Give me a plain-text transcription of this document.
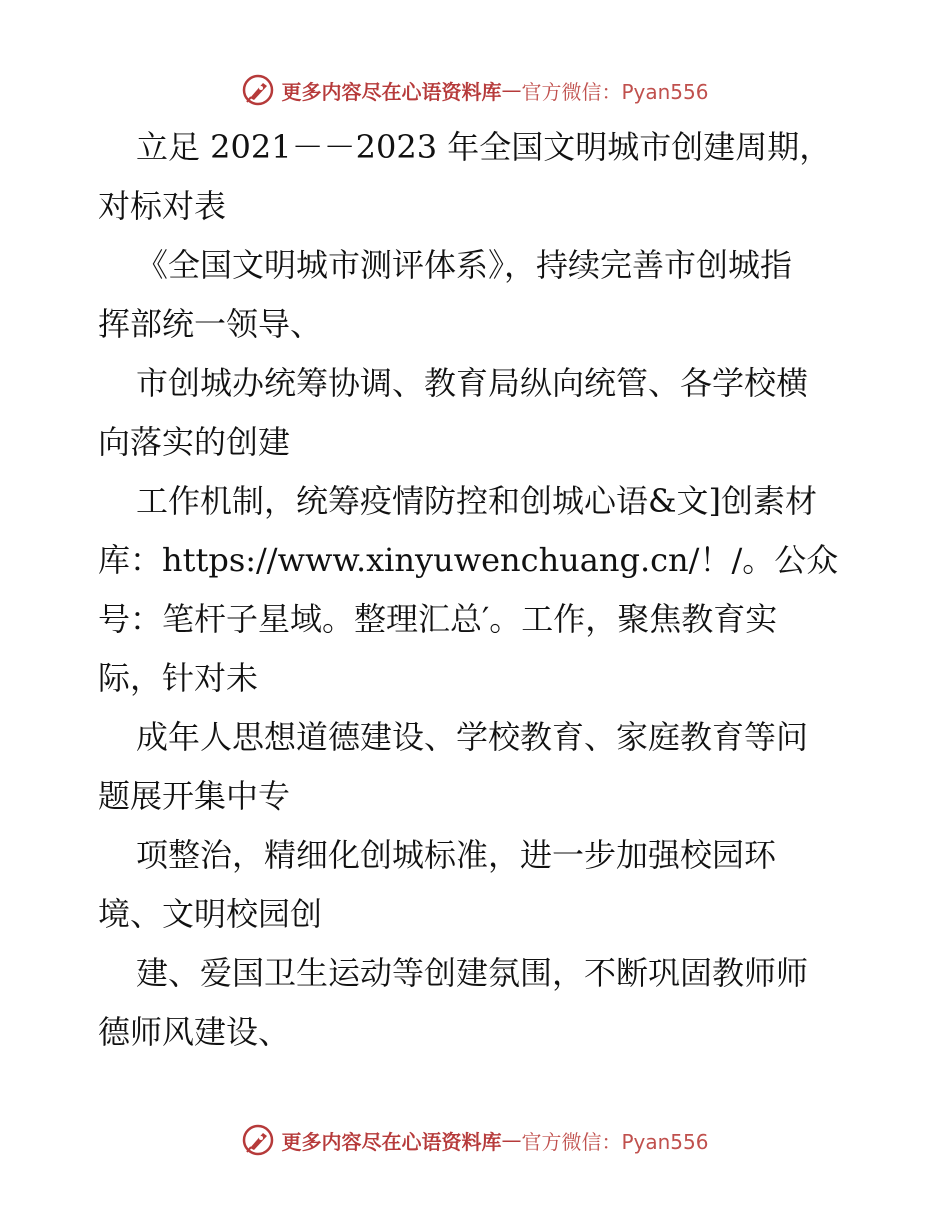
更多内容尽在心语资料库 — 官方微信：Pyan556
立足 2021－－2023 年全国文明城市创建周期，
对标对表
《全国文明城市测评体系》，持续完善市创城指
挥部统一领导、
市创城办统筹协调、教育局纵向统管、各学校横
向落实的创建
工作机制，统筹疫情防控和创城心语&文]创素材
库：https://www.xinyuwenchuang.cn/！/。公众
号：笔杆子星域。整理汇总′。工作，聚焦教育实
际，针对未
成年人思想道德建设、学校教育、家庭教育等问
题展开集中专
项整治，精细化创城标准，进一步加强校园环
境、文明校园创
建、爱国卫生运动等创建氛围，不断巩固教师师
德师风建设、
更多内容尽在心语资料库 — 官方微信：Pyan556
